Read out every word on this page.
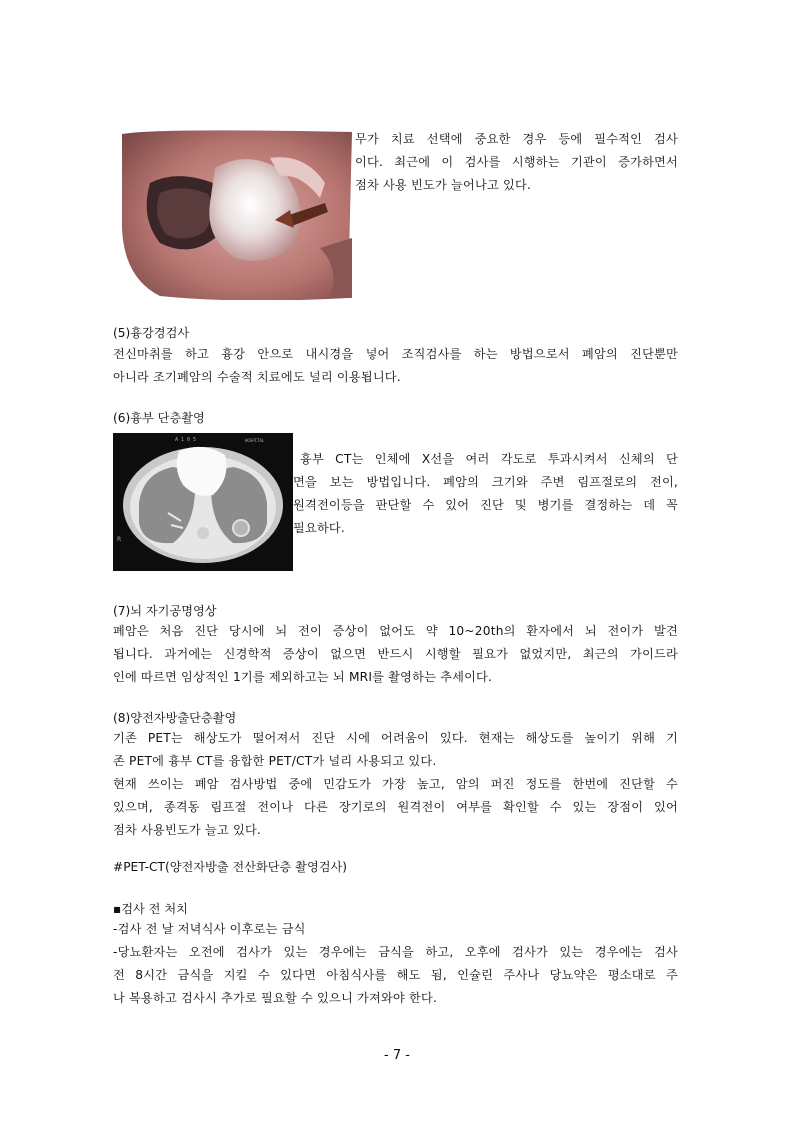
무가 치료 선택에 중요한 경우 등에 필수적인 검사
이다. 최근에 이 검사를 시행하는 기관이 증가하면서
점차 사용 빈도가 늘어나고 있다.
(5)흉강경검사
전신마취를 하고 흉강 안으로 내시경을 넣어 조직검사를 하는 방법으로서 폐암의 진단뿐만
아니라 조기폐암의 수술적 치료에도 널리 이용됩니다.
(6)흉부 단층촬영
A 1 0 5	HOSPITAL
R
흉부 CT는 인체에 X선을 여러 각도로 투과시켜서 신체의 단
면을 보는 방법입니다. 폐암의 크기와 주변 림프절로의 전이,
원격전이등을 판단할 수 있어 진단 및 병기를 결정하는 데 꼭
필요하다.
(7)뇌 자기공명영상
폐암은 처음 진단 당시에 뇌 전이 증상이 없어도 약 10~20th의 환자에서 뇌 전이가 발견
됩니다. 과거에는 신경학적 증상이 없으면 반드시 시행할 필요가 없었지만, 최근의 가이드라
인에 따르면 임상적인 1기를 제외하고는 뇌 MRI를 촬영하는 추세이다.
(8)양전자방출단층촬영
기존 PET는 해상도가 떨어져서 진단 시에 어려움이 있다. 현재는 해상도를 높이기 위해 기
존 PET에 흉부 CT를 융합한 PET/CT가 널리 사용되고 있다.
현재 쓰이는 폐암 검사방법 중에 민감도가 가장 높고, 암의 퍼진 정도를 한번에 진단할 수
있으며, 종격동 림프절 전이나 다른 장기로의 원격전이 여부를 확인할 수 있는 장점이 있어
점차 사용빈도가 늘고 있다.
#PET-CT(양전자방출 전산화단층 촬영검사)
▪검사 전 처치
-검사 전 날 저녁식사 이후로는 금식
-당뇨환자는 오전에 검사가 있는 경우에는 금식을 하고, 오후에 검사가 있는 경우에는 검사
전 8시간 금식을 지킬 수 있다면 아침식사를 해도 됨, 인슐린 주사나 당뇨약은 평소대로 주
나 복용하고 검사시 추가로 필요할 수 있으니 가져와야 한다.
- 7 -
